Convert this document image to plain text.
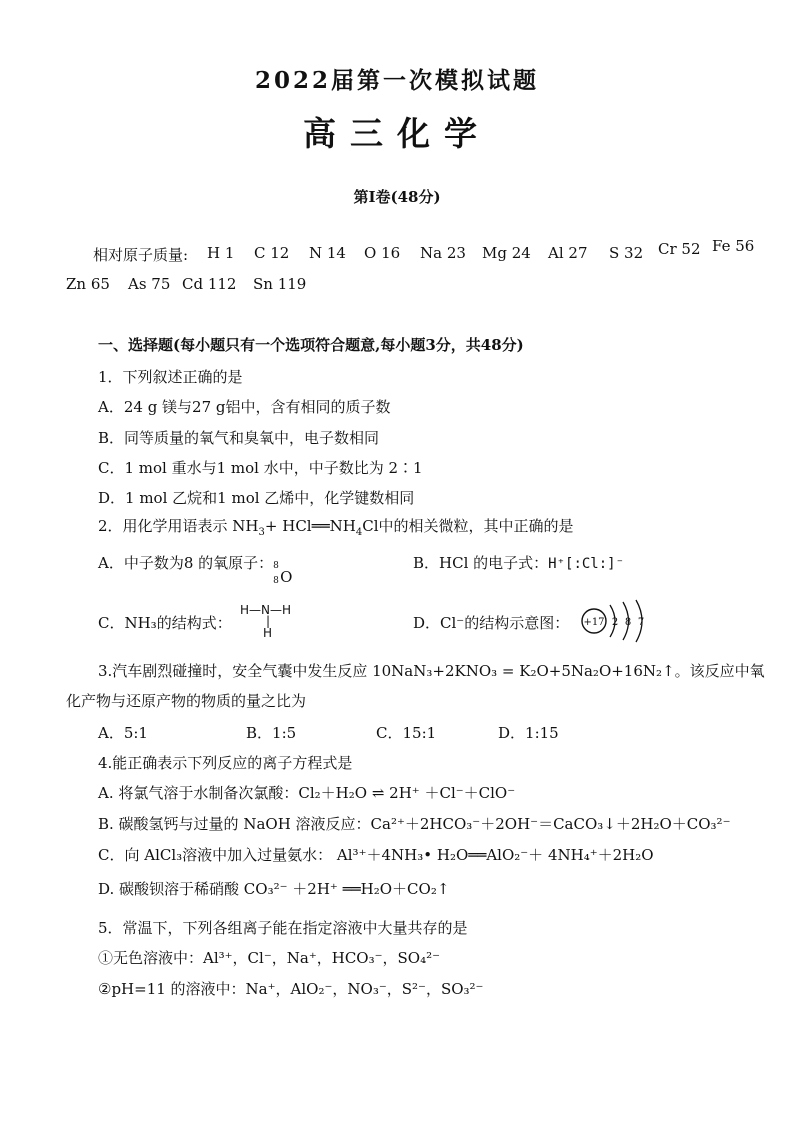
2022届第一次模拟试题
高三化学
第Ⅰ卷(48分)
相对原子质量: H 1 C 12 N 14 O 16 Na 23 Mg 24 Al 27 S 32 Cr 52 Fe 56
Zn 65 As 75 Cd 112 Sn 119
一、选择题(每小题只有一个选项符合题意,每小题3分，共48分)
1．下列叙述正确的是
A．24 g 镁与27 g铝中，含有相同的质子数
B．同等质量的氧气和臭氧中，电子数相同
C．1 mol 重水与1 mol 水中，中子数比为 2∶1
D．1 mol 乙烷和1 mol 乙烯中，化学键数相同
2．用化学用语表示 $NH_3+$ $HCl══NH_4Cl$中的相关微粒，其中正确的是
A．中子数为8 的氧原子： 8
8 O
B．HCl 的电子式：H⁺[:Cl:]⁻
C．NH₃的结构式：
H—N—H
|
H
D．Cl⁻的结构示意图： +17 2 8 7
3.汽车剧烈碰撞时，安全气囊中发生反应 10NaN₃+2KNO₃ = K₂O+5Na₂O+16N₂↑。该反应中氧
化产物与还原产物的物质的量之比为
A．5:1	B．1:5	C．15:1	D．1:15
4.能正确表示下列反应的离子方程式是
A. 将氯气溶于水制备次氯酸：Cl₂＋H₂O ⇌ 2H⁺ ＋Cl⁻＋ClO⁻
B. 碳酸氢钙与过量的 NaOH 溶液反应：Ca²⁺＋2HCO₃⁻＋2OH⁻＝CaCO₃↓＋2H₂O＋CO₃²⁻
C．向 AlCl₃溶液中加入过量氨水： Al³⁺＋4NH₃• H₂O══AlO₂⁻＋ 4NH₄⁺＋2H₂O
D. 碳酸钡溶于稀硝酸 CO₃²⁻ ＋2H⁺ ══H₂O＋CO₂↑
5．常温下，下列各组离子能在指定溶液中大量共存的是
①无色溶液中：Al³⁺，Cl⁻，Na⁺，HCO₃⁻，SO₄²⁻
②pH=11 的溶液中：Na⁺，AlO₂⁻，NO₃⁻，S²⁻，SO₃²⁻
